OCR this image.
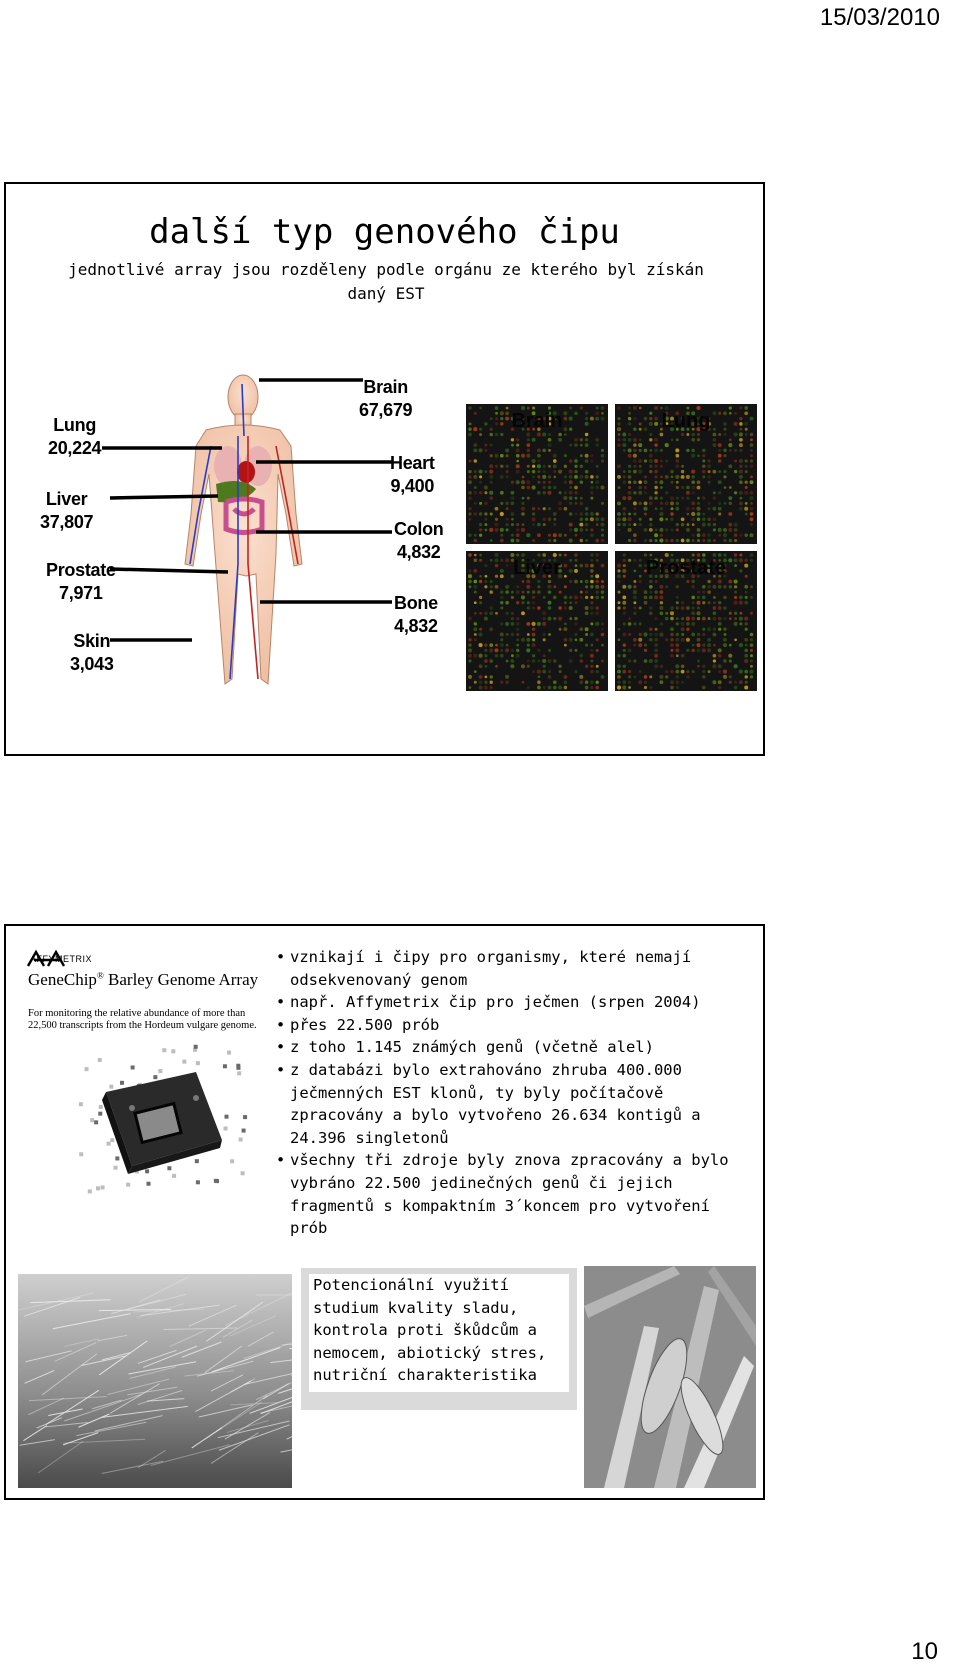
15/03/2010
další typ genového čipu
jednotlivé array jsou rozděleny podle orgánu ze kterého byl získán daný EST
Lung
20,224
Liver
37,807
Prostate
7,971
Skin
3,043
Brain
67,679
Heart
9,400
Colon
4,832
Bone
4,832
Brain	Lung
Liver	Prostate
AFFYMETRIX
GeneChip® Barley Genome Array
For monitoring the relative abundance of more than 22,500 transcripts from the Hordeum vulgare genome.
• vznikají i čipy pro organismy, které nemají odsekvenovaný genom
• např. Affymetrix čip pro ječmen (srpen 2004)
• přes 22.500 prób
• z toho 1.145 známých genů (včetně alel)
• z databázi bylo extrahováno zhruba 400.000 ječmenných EST klonů, ty byly počítačově zpracovány a bylo vytvořeno 26.634 kontigů a 24.396 singletonů
• všechny tři zdroje byly znova zpracovány a bylo vybráno 22.500 jedinečných genů či jejich fragmentů s kompaktním 3´koncem pro vytvoření prób
Potencionální využití studium kvality sladu, kontrola proti škůdcům a nemocem, abiotický stres, nutriční charakteristika
10
